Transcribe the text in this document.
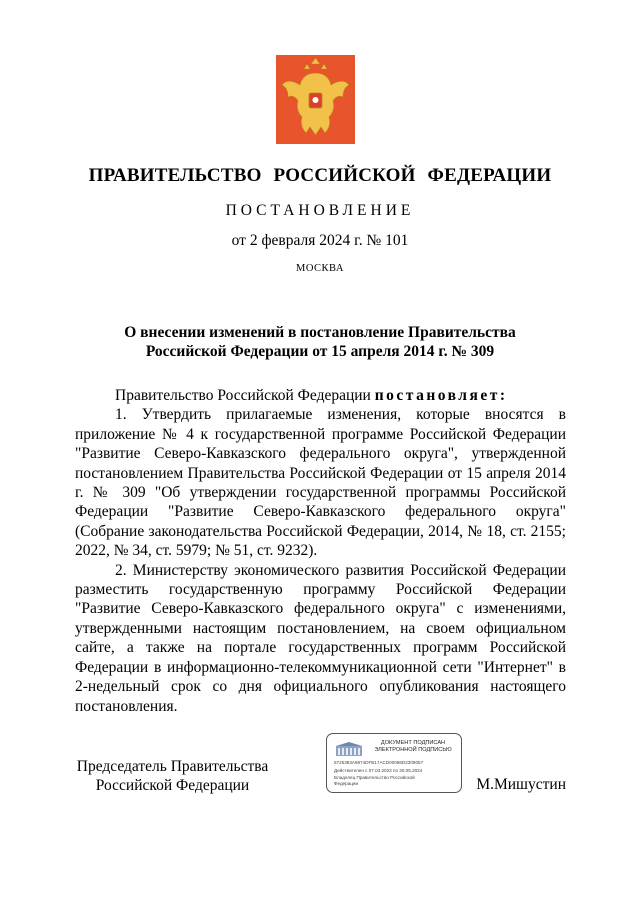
ПРАВИТЕЛЬСТВО РОССИЙСКОЙ ФЕДЕРАЦИИ
ПОСТАНОВЛЕНИЕ
от 2 февраля 2024 г. № 101
МОСКВА
О внесении изменений в постановление Правительства
Российской Федерации от 15 апреля 2014 г. № 309

Правительство Российской Федерации постановляет:

1. Утвердить прилагаемые изменения, которые вносятся в приложение № 4 к государственной программе Российской Федерации "Развитие Северо-Кавказского федерального округа", утвержденной постановлением Правительства Российской Федерации от 15 апреля 2014 г. № 309 "Об утверждении государственной программы Российской Федерации "Развитие Северо-Кавказского федерального округа" (Собрание законодательства Российской Федерации, 2014, № 18, ст. 2155; 2022, № 34, ст. 5979; № 51, ст. 9232).

2. Министерству экономического развития Российской Федерации разместить государственную программу Российской Федерации "Развитие Северо-Кавказского федерального округа" с изменениями, утвержденными настоящим постановлением, на своем официальном сайте, а также на портале государственных программ Российской Федерации в информационно-телекоммуникационной сети "Интернет" в 2-недельный срок со дня официального опубликования настоящего постановления.

Председатель Правительства
Российской Федерации
ДОКУМЕНТ ПОДПИСАН
ЭЛЕКТРОННОЙ ПОДПИСЬЮ
5725383A6974DFB17ACD00086D2309057
Действителен с 07.03.2023 по 30.05.2024
Владелец Правительство Российской
Федерации	М.Мишустин
